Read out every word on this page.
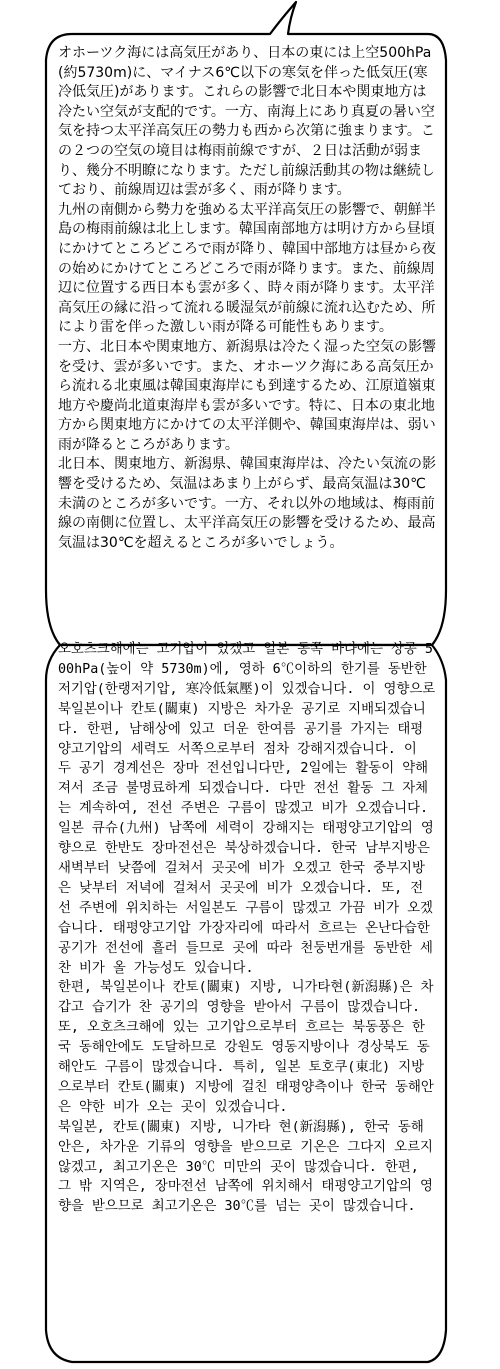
オホーツク海には高気圧があり、日本の東には上空500hPa(約5730m)に、マイナス6℃以下の寒気を伴った低気圧(寒冷低気圧)があります。これらの影響で北日本や関東地方は冷たい空気が支配的です。一方、南海上にあり真夏の暑い空気を持つ太平洋高気圧の勢力も西から次第に強まります。この２つの空気の境目は梅雨前線ですが、２日は活動が弱まり、幾分不明瞭になります。ただし前線活動其の物は継続しており、前線周辺は雲が多く、雨が降ります。

九州の南側から勢力を強める太平洋高気圧の影響で、朝鮮半島の梅雨前線は北上します。韓国南部地方は明け方から昼頃にかけてところどころで雨が降り、韓国中部地方は昼から夜の始めにかけてところどころで雨が降ります。また、前線周辺に位置する西日本も雲が多く、時々雨が降ります。太平洋高気圧の縁に沿って流れる暖湿気が前線に流れ込むため、所により雷を伴った激しい雨が降る可能性もあります。

一方、北日本や関東地方、新潟県は冷たく湿った空気の影響を受け、雲が多いです。また、オホーツク海にある高気圧から流れる北東風は韓国東海岸にも到達するため、江原道嶺東地方や慶尚北道東海岸も雲が多いです。特に、日本の東北地方から関東地方にかけての太平洋側や、韓国東海岸は、弱い雨が降るところがあります。

北日本、関東地方、新潟県、韓国東海岸は、冷たい気流の影響を受けるため、気温はあまり上がらず、最高気温は30℃未満のところが多いです。一方、それ以外の地域は、梅雨前線の南側に位置し、太平洋高気圧の影響を受けるため、最高気温は30℃を超えるところが多いでしょう。

오호츠크해에는 고기압이 있겠고 일본 동쪽 바다에는 상공 500hPa(높이 약 5730m)에, 영하 6℃이하의 한기를 동반한 저기압(한랭저기압, 寒冷低氣壓)이 있겠습니다. 이 영향으로 북일본이나 칸토(關東) 지방은 차가운 공기로 지배되겠습니다. 한편, 남해상에 있고 더운 한여름 공기를 가지는 태평양고기압의 세력도 서쪽으로부터 점차 강해지겠습니다. 이 두 공기 경계선은 장마 전선입니다만, 2일에는 활동이 약해져서 조금 불명료하게 되겠습니다. 다만 전선 활동 그 자체는 계속하여, 전선 주변은 구름이 많겠고 비가 오겠습니다.

일본 큐슈(九州) 남쪽에 세력이 강해지는 태평양고기압의 영향으로 한반도 장마전선은 북상하겠습니다. 한국 남부지방은 새벽부터 낮쯤에 걸쳐서 곳곳에 비가 오겠고 한국 중부지방은 낮부터 저녁에 걸쳐서 곳곳에 비가 오겠습니다. 또, 전선 주변에 위치하는 서일본도 구름이 많겠고 가끔 비가 오겠습니다. 태평양고기압 가장자리에 따라서 흐르는 온난다습한 공기가 전선에 흘러 들므로 곳에 따라 천둥번개를 동반한 세찬 비가 올 가능성도 있습니다.

한편, 북일본이나 칸토(關東) 지방, 니가타현(新潟縣)은 차갑고 습기가 찬 공기의 영향을 받아서 구름이 많겠습니다. 또, 오호츠크해에 있는 고기압으로부터 흐르는 북동풍은 한국 동해안에도 도달하므로 강원도 영동지방이나 경상북도 동해안도 구름이 많겠습니다. 특히, 일본 토호쿠(東北) 지방으로부터 칸토(關東) 지방에 걸친 태평양측이나 한국 동해안은 약한 비가 오는 곳이 있겠습니다.

북일본, 칸토(關東) 지방, 니가타 현(新潟縣), 한국 동해안은, 차가운 기류의 영향을 받으므로 기온은 그다지 오르지 않겠고, 최고기온은 30℃ 미만의 곳이 많겠습니다. 한편, 그 밖 지역은, 장마전선 남쪽에 위치해서 태평양고기압의 영향을 받으므로 최고기온은 30℃를 넘는 곳이 많겠습니다.
